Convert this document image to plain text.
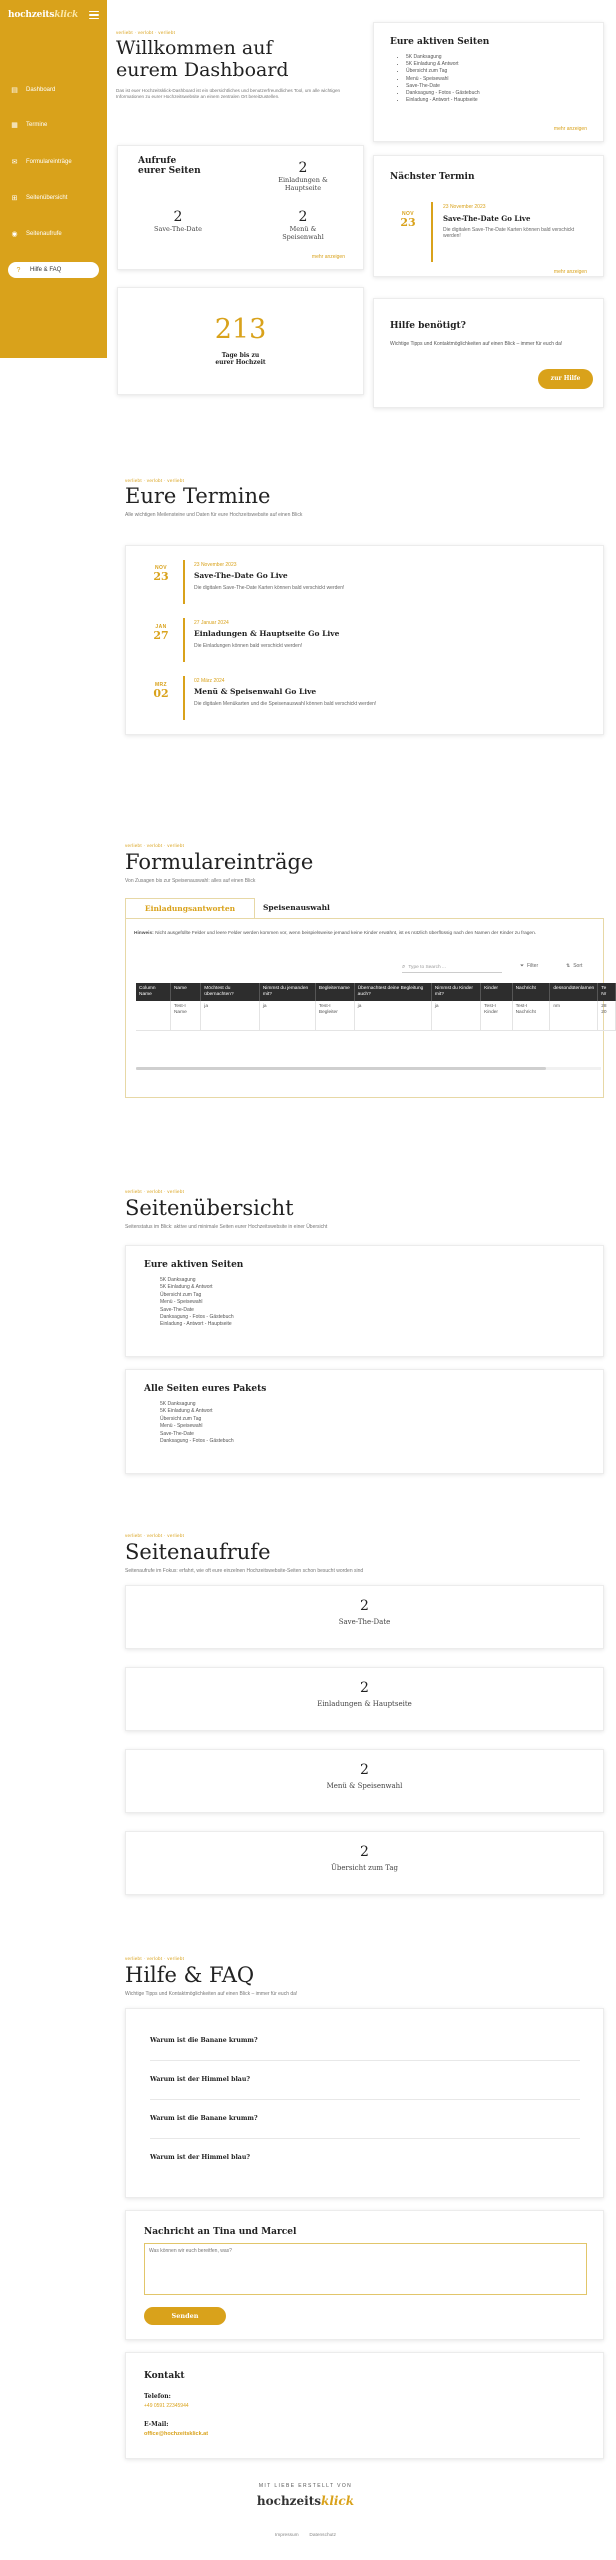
hochzeitsklick
▤ Dashboard
▦ Termine
✉ Formulareinträge
⊞ Seitenübersicht
◉ Seitenaufrufe
?	Hilfe & FAQ
verliebt · verlobt · verliebt
Willkommen auf
eurem Dashboard
Das ist euer Hochzeitsklick-Dashboard ist ein übersichtliches und benutzerfreundliches Tool, um alle wichtigen Informationen zu eurer Hochzeitswebsite an einem zentralen Ort bereitzustellen.
Aufrufe
eurer Seiten	2
Einladungen & Hauptseite
2
Save-The-Date
2
Menü & Speisenwahl
mehr anzeigen
213
Tage bis zu
eurer Hochzeit
Eure aktiven Seiten
• 5K Danksagung
• 5K Einladung & Antwort
• Übersicht zum Tag
• Menü - Speisewahl
• Save-The-Date
• Danksagung - Fotos - Gästebuch
• Einladung - Antwort - Hauptseite
mehr anzeigen
Nächster Termin
NOV
23
23 November 2023
Save-The-Date Go Live
Die digitalen Save-The-Date Karten können bald verschickt werden!
mehr anzeigen
Hilfe benötigt?
Wichtige Tipps und Kontaktmöglichkeiten auf einen Blick – immer für euch da!
zur Hilfe
verliebt · verlobt · verliebt
Eure Termine
Alle wichtigen Meilensteine und Daten für eure Hochzeitswebsite auf einen Blick
NOV
23
23 November 2023
Save-The-Date Go Live
Die digitalen Save-The-Date Karten können bald verschickt werden!
JAN
27
27 Januar 2024
Einladungen & Hauptseite Go Live
Die Einladungen können bald verschickt werden!
MRZ
02
02 März 2024
Menü & Speisenwahl Go Live
Die digitalen Menükarten und die Speisenauswahl können bald verschickt werden!
verliebt · verlobt · verliebt
Formulareinträge
Von Zusagen bis zur Speisenauswahl: alles auf einen Blick
Einladungsantworten	Speisenauswahl
Hinweis: Nicht ausgefüllte Felder und leere Felder werden kommen vor, wenn beispielsweise jemand keine Kinder erwähnt, ist es nützlich überflüssig nach den Namen der Kinder zu fragen.
⌕ Type to Search ...	⏷ Filter	⇅ Sort
Column Name	Name	Möchtest du übernachten?	Nimmst du jemanden mit?	Begleitername	Übernachtest deine Begleitung auch?	Nimmst du Kinder mit?	Kinder	Nachricht	dessondütenlarnen	Te Nr
	Test-I Name	ja	ja	Test-I Begleiter	ja	ja	Test-I Kinder	Test-I Nachricht	nm	28 20
verliebt · verlobt · verliebt
Seitenübersicht
Seitenstatus im Blick: aktive und minimale Seiten eurer Hochzeitswebsite in einer Übersicht
Eure aktiven Seiten
5K Danksagung
5K Einladung & Antwort
Übersicht zum Tag
Menü - Speisewahl
Save-The-Date
Danksagung - Fotos - Gästebuch
Einladung - Antwort - Hauptseite
Alle Seiten eures Pakets
5K Danksagung
5K Einladung & Antwort
Übersicht zum Tag
Menü - Speisewahl
Save-The-Date
Danksagung - Fotos - Gästebuch
verliebt · verlobt · verliebt
Seitenaufrufe
Seitenaufrufe im Fokus: erfahrt, wie oft eure einzelnen Hochzeitswebsite-Seiten schon besucht worden sind
2
Save-The-Date
2
Einladungen & Hauptseite
2
Menü & Speisenwahl
2
Übersicht zum Tag
verliebt · verlobt · verliebt
Hilfe & FAQ
Wichtige Tipps und Kontaktmöglichkeiten auf einen Blick – immer für euch da!
Warum ist die Banane krumm?
Warum ist der Himmel blau?
Warum ist die Banane krumm?
Warum ist der Himmel blau?
Nachricht an Tina und Marcel
Was können wir euch bereitfen, was?
Senden
Kontakt
Telefon:
+49 0591 22345944
E-Mail:
office@hochzeitsklick.at
MIT LIEBE ERSTELLT VON
hochzeitsklick
Impressum Datenschutz
